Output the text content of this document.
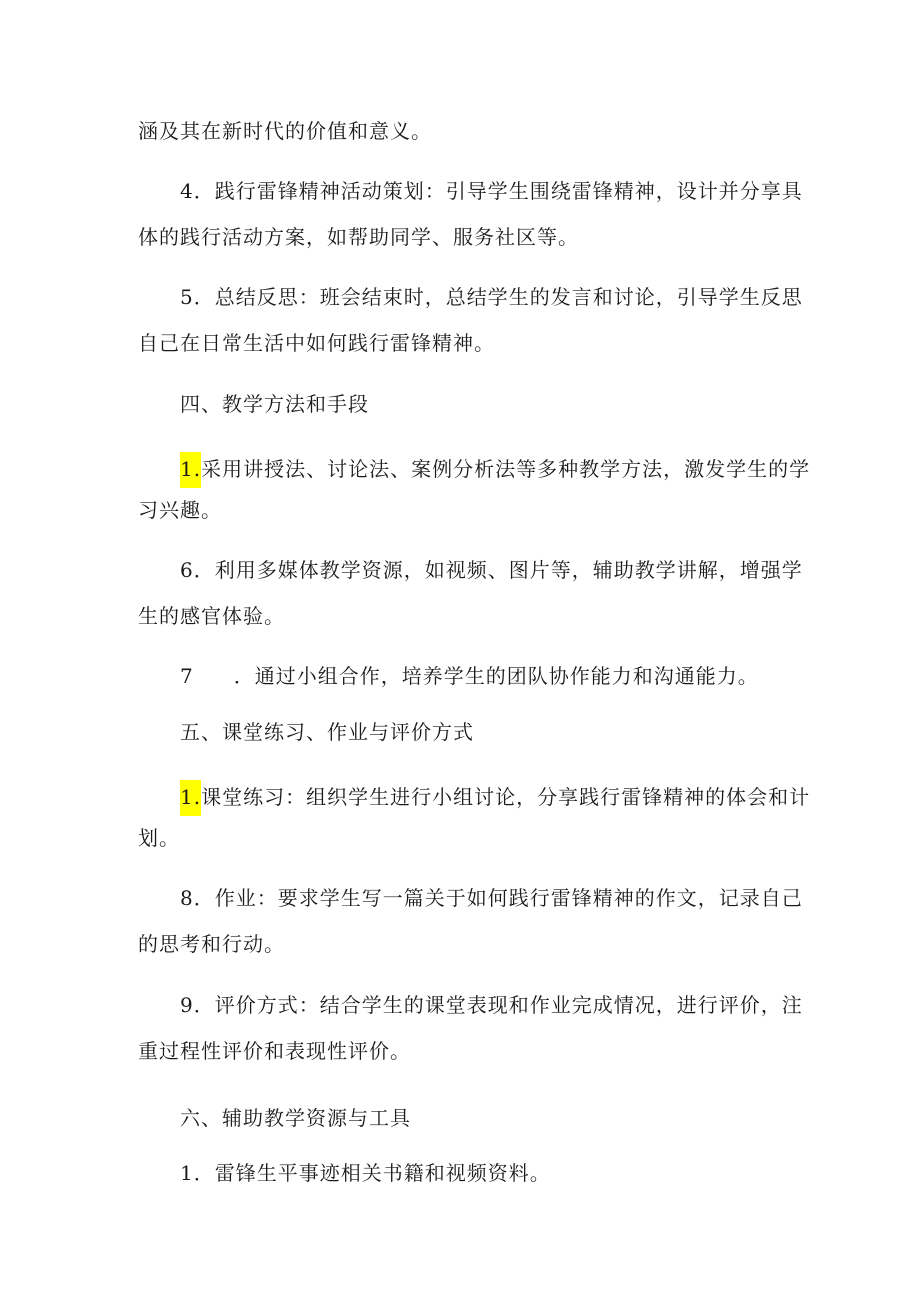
涵及其在新时代的价值和意义。
4．践行雷锋精神活动策划：引导学生围绕雷锋精神，设计并分享具
体的践行活动方案，如帮助同学、服务社区等。
5．总结反思：班会结束时，总结学生的发言和讨论，引导学生反思
自己在日常生活中如何践行雷锋精神。
四、教学方法和手段
1.采用讲授法、讨论法、案例分析法等多种教学方法，激发学生的学
习兴趣。
6．利用多媒体教学资源，如视频、图片等，辅助教学讲解，增强学
生的感官体验。
7 ．通过小组合作，培养学生的团队协作能力和沟通能力。
五、课堂练习、作业与评价方式
1.课堂练习：组织学生进行小组讨论，分享践行雷锋精神的体会和计
划。
8．作业：要求学生写一篇关于如何践行雷锋精神的作文，记录自己
的思考和行动。
9．评价方式：结合学生的课堂表现和作业完成情况，进行评价，注
重过程性评价和表现性评价。
六、辅助教学资源与工具
1．雷锋生平事迹相关书籍和视频资料。
